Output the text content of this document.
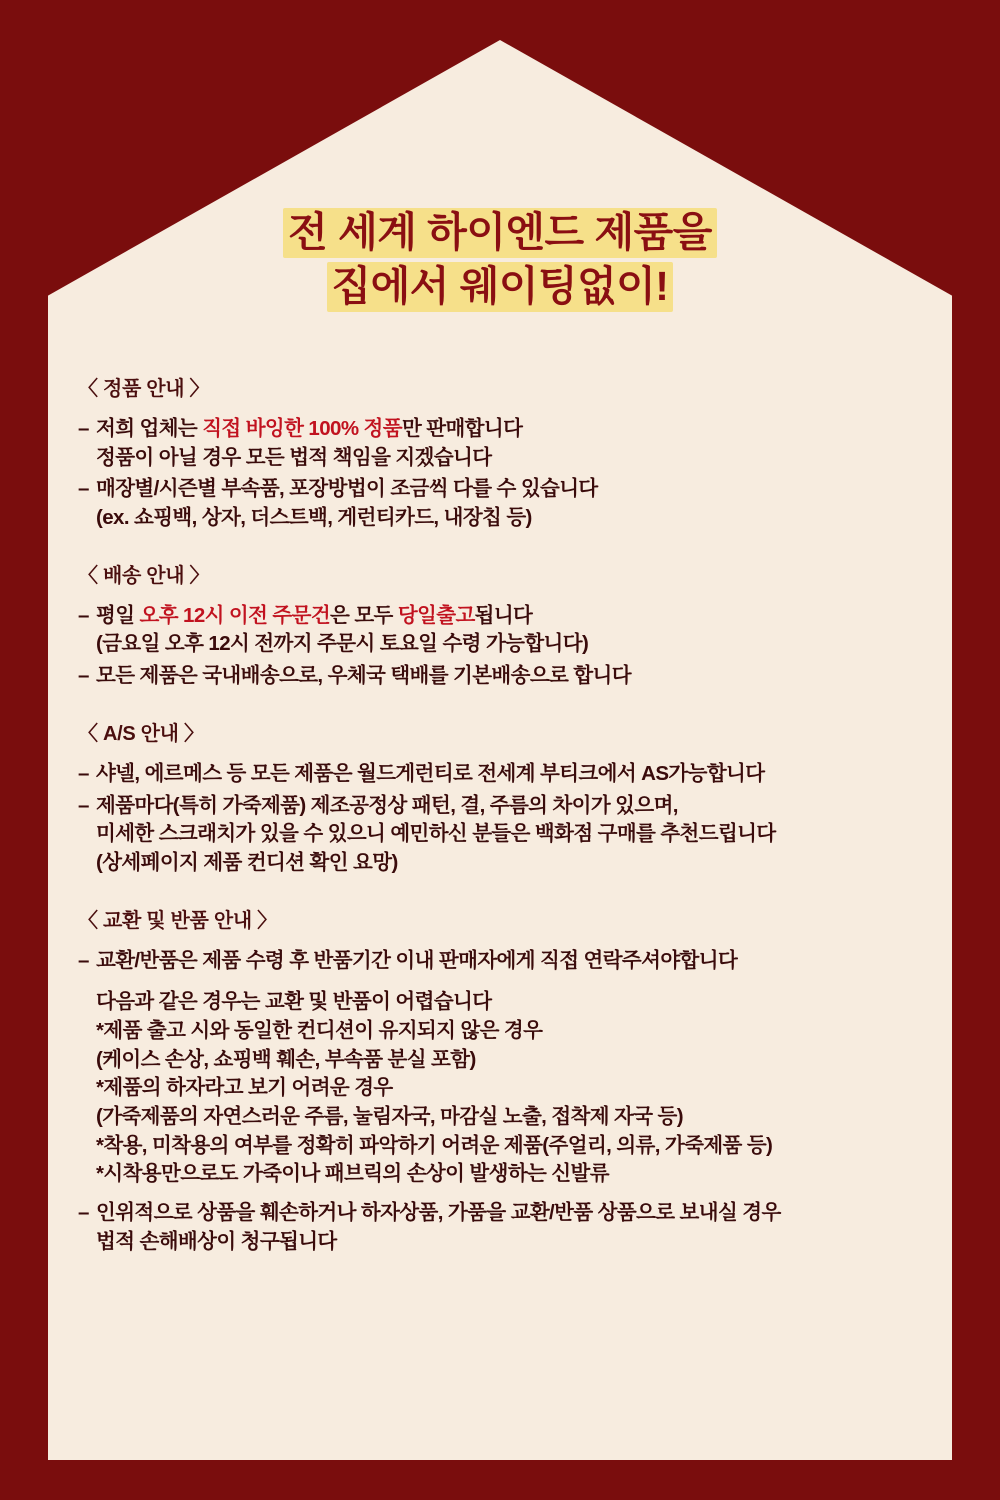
전 세계 하이엔드 제품을
집에서 웨이팅없이!
〈 정품 안내 〉
– 저희 업체는 직접 바잉한 100% 정품만 판매합니다
정품이 아닐 경우 모든 법적 책임을 지겠습니다
– 매장별/시즌별 부속품, 포장방법이 조금씩 다를 수 있습니다
(ex. 쇼핑백, 상자, 더스트백, 게런티카드, 내장칩 등)
〈 배송 안내 〉
– 평일 오후 12시 이전 주문건은 모두 당일출고됩니다
(금요일 오후 12시 전까지 주문시 토요일 수령 가능합니다)
– 모든 제품은 국내배송으로, 우체국 택배를 기본배송으로 합니다
〈 A/S 안내 〉
– 샤넬, 에르메스 등 모든 제품은 월드게런티로 전세계 부티크에서 AS가능합니다
– 제품마다(특히 가죽제품) 제조공정상 패턴, 결, 주름의 차이가 있으며,
미세한 스크래치가 있을 수 있으니 예민하신 분들은 백화점 구매를 추천드립니다
(상세페이지 제품 컨디션 확인 요망)
〈 교환 및 반품 안내 〉
– 교환/반품은 제품 수령 후 반품기간 이내 판매자에게 직접 연락주셔야합니다
다음과 같은 경우는 교환 및 반품이 어렵습니다
*제품 출고 시와 동일한 컨디션이 유지되지 않은 경우
(케이스 손상, 쇼핑백 훼손, 부속품 분실 포함)
*제품의 하자라고 보기 어려운 경우
(가죽제품의 자연스러운 주름, 눌림자국, 마감실 노출, 접착제 자국 등)
*착용, 미착용의 여부를 정확히 파악하기 어려운 제품(주얼리, 의류, 가죽제품 등)
*시착용만으로도 가죽이나 패브릭의 손상이 발생하는 신발류
– 인위적으로 상품을 훼손하거나 하자상품, 가품을 교환/반품 상품으로 보내실 경우
법적 손해배상이 청구됩니다
